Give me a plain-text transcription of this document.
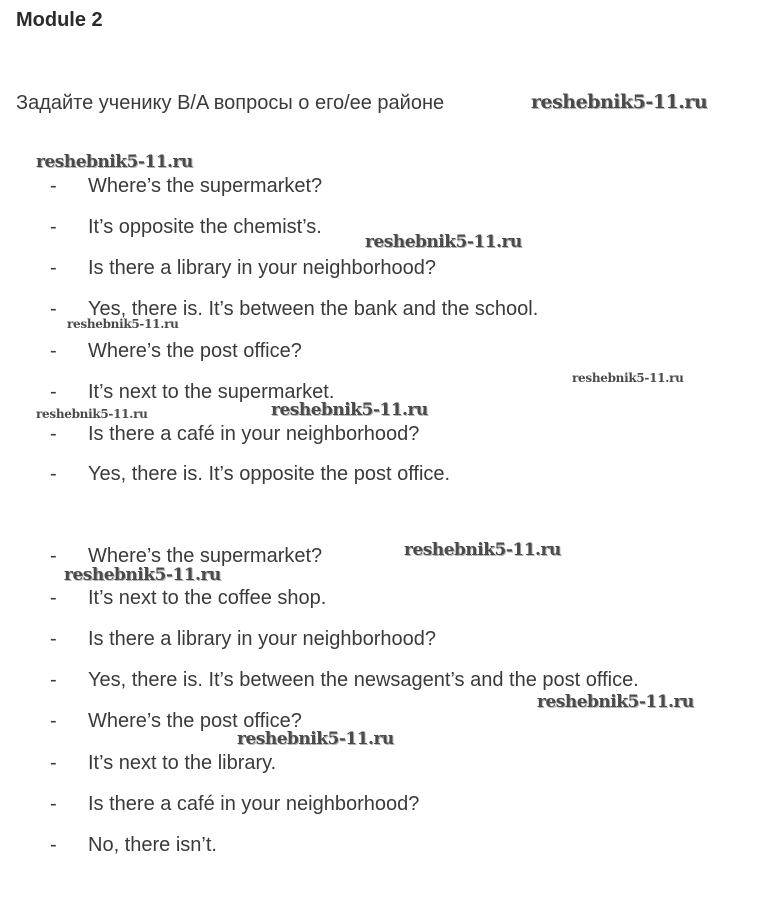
Module 2
Задайте ученику B/A вопросы о его/ее районе
- Where’s the supermarket?
- It’s opposite the chemist’s.
- Is there a library in your neighborhood?
- Yes, there is. It’s between the bank and the school.
- Where’s the post office?
- It’s next to the supermarket.
- Is there a café in your neighborhood?
- Yes, there is. It’s opposite the post office.
- Where’s the supermarket?
- It’s next to the coffee shop.
- Is there a library in your neighborhood?
- Yes, there is. It’s between the newsagent’s and the post office.
- Where’s the post office?
- It’s next to the library.
- Is there a café in your neighborhood?
- No, there isn’t.
reshebnik5-11.ru
reshebnik5-11.ru
reshebnik5-11.ru
reshebnik5-11.ru
reshebnik5-11.ru
reshebnik5-11.ru	reshebnik5-11.ru
reshebnik5-11.ru
reshebnik5-11.ru
reshebnik5-11.ru
reshebnik5-11.ru
